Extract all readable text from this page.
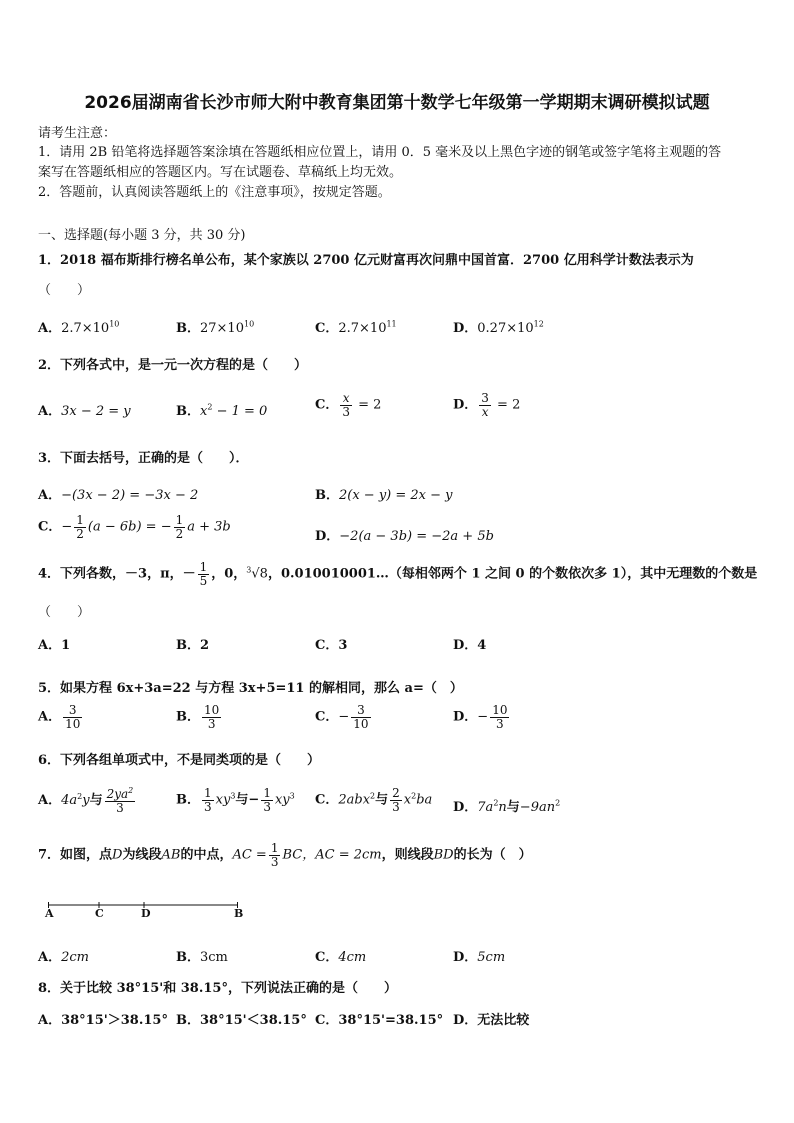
2026届湖南省长沙市师大附中教育集团第十数学七年级第一学期期末调研模拟试题
请考生注意：
1．请用 2B 铅笔将选择题答案涂填在答题纸相应位置上，请用 0．5 毫米及以上黑色字迹的钢笔或签字笔将主观题的答
案写在答题纸相应的答题区内。写在试题卷、草稿纸上均无效。
2．答题前，认真阅读答题纸上的《注意事项》，按规定答题。
一、选择题(每小题 3 分，共 30 分)
1．2018 福布斯排行榜名单公布，某个家族以 2700 亿元财富再次问鼎中国首富．2700 亿用科学计数法表示为
（　　）
A．$2.7\times 10^{10}$	B．$27\times 10^{10}$	C．$2.7\times 10^{11}$	D．$0.27\times 10^{12}$
2．下列各式中，是一元一次方程的是（　　）
A．3x − 2 = y	B．$x^2 - 1 = 0$	C． $\frac{x}{3} = 2$	D． $\frac{3}{x} = 2$
3．下面去括号，正确的是（　　）．
A．−(3x − 2) = −3x − 2	B．2(x − y) = 2x − y
C．− $\frac{1}{2} (a - 6b)$ = − $\frac{1}{2}$ a + 3b
D．−2(a − 3b) = −2a + 5b
4．下列各数，－3，π，－ $\frac{1}{5}$ ，0，$^3$√8，0.010010001…（每相邻两个 1 之间 0 的个数依次多 1），其中无理数的个数是
（　　）
A．1	B．2	C．3	D．4
5．如果方程 6x+3a=22 与方程 3x+5=11 的解相同，那么 a=（　）
A． $\frac{3}{10}$	B． $\frac{10}{3}$	C．− $\frac{3}{10}$	D．− $\frac{10}{3}$
6．下列各组单项式中，不是同类项的是（　　）
A．$4a^2y$与 $\frac{2ya^2}{3}$	B． $\frac{1}{3} xy^3$与− $\frac{1}{3} xy^3$ C．2abx$^2$与 $\frac{2}{3} x^2ba$ D．$7a^2n$与$-9an^2$
7．如图，点D为线段AB的中点，AC = $\frac{1}{3}$ BC，AC = 2cm，则线段BD的长为（　）
A	C	D	B
A．2cm	B．3cm	C．4cm	D．5cm
8．关于比较 38°15'和 38.15°，下列说法正确的是（　　）
A．38°15'＞38.15° B．38°15'＜38.15° C．38°15'=38.15° D．无法比较
